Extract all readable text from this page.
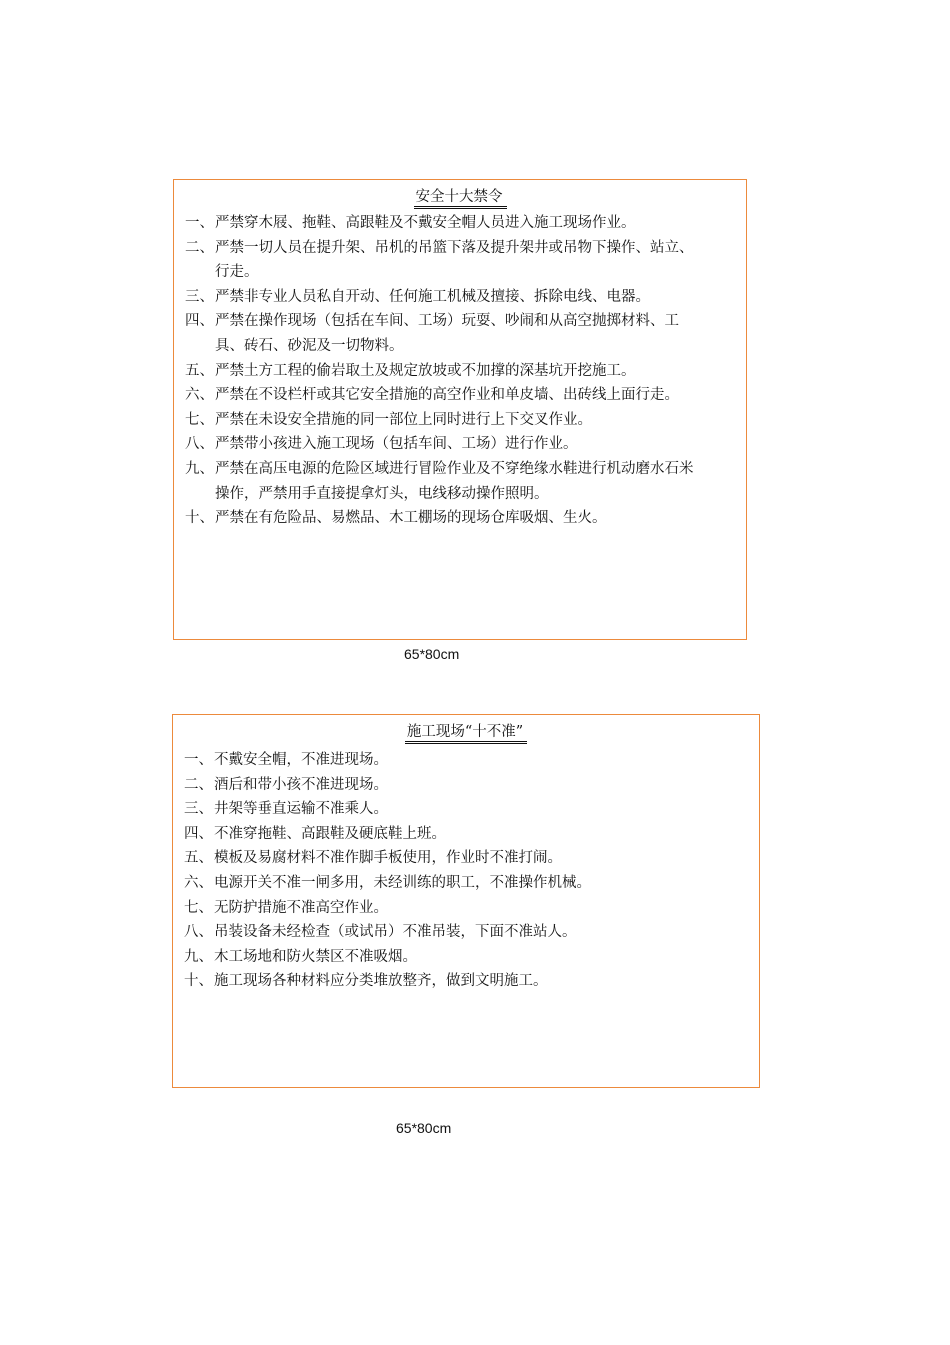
安全十大禁令
一、 严禁穿木屐、拖鞋、高跟鞋及不戴安全帽人员进入施工现场作业。
二、 严禁一切人员在提升架、吊机的吊篮下落及提升架井或吊物下操作、站立、行走。
三、 严禁非专业人员私自开动、任何施工机械及擅接、拆除电线、电器。
四、 严禁在操作现场（包括在车间、工场）玩耍、吵闹和从高空抛掷材料、工具、砖石、砂泥及一切物料。
五、 严禁土方工程的偷岩取土及规定放坡或不加撑的深基坑开挖施工。
六、 严禁在不设栏杆或其它安全措施的高空作业和单皮墙、出砖线上面行走。
七、 严禁在未设安全措施的同一部位上同时进行上下交叉作业。
八、 严禁带小孩进入施工现场（包括车间、工场）进行作业。
九、 严禁在高压电源的危险区域进行冒险作业及不穿绝缘水鞋进行机动磨水石米操作，严禁用手直接提拿灯头，电线移动操作照明。
十、 严禁在有危险品、易燃品、木工棚场的现场仓库吸烟、生火。
65*80cm
施工现场“十不准”
一、 不戴安全帽，不准进现场。
二、 酒后和带小孩不准进现场。
三、 井架等垂直运输不准乘人。
四、 不准穿拖鞋、高跟鞋及硬底鞋上班。
五、 模板及易腐材料不准作脚手板使用，作业时不准打闹。
六、 电源开关不准一闸多用，未经训练的职工，不准操作机械。
七、 无防护措施不准高空作业。
八、 吊装设备未经检查（或试吊）不准吊装，下面不准站人。
九、 木工场地和防火禁区不准吸烟。
十、 施工现场各种材料应分类堆放整齐，做到文明施工。
65*80cm
